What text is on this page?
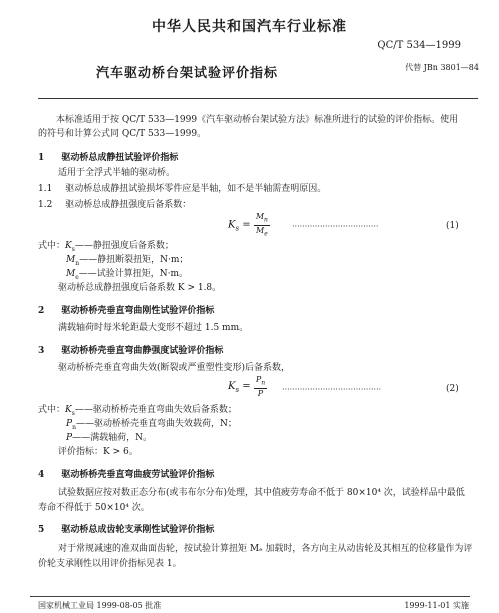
中华人民共和国汽车行业标准
QC/T 534—1999
汽车驱动桥台架试验评价指标	代替 JBn 3801—84
本标准适用于按 QC/T 533—1999《汽车驱动桥台架试验方法》标准所进行的试验的评价指标。使用
的符号和计算公式同 QC/T 533—1999。
1 驱动桥总成静扭试验评价指标
适用于全浮式半轴的驱动桥。
1.1 驱动桥总成静扭试验损坏零件应是半轴，如不是半轴需查明原因。
1.2 驱动桥总成静扭强度后备系数：
$K_s = \frac{M_n}{M_e}$	··································	(1)
式中：$K_s——$静扭强度后备系数；
$M_n——$静扭断裂扭矩，N·m；
$M_e——$试验计算扭矩，N·m。
驱动桥总成静扭强度后备系数 K > 1.8。
2 驱动桥桥壳垂直弯曲刚性试验评价指标
满载轴荷时每米轮距最大变形不超过 1.5 mm。
3 驱动桥桥壳垂直弯曲静强度试验评价指标
驱动桥桥壳垂直弯曲失效(断裂或严重塑性变形)后备系数，
$K_s = \frac{P_n}{P}$ ·······································	(2)
式中：$K_s——$驱动桥桥壳垂直弯曲失效后备系数；
$P_n——$驱动桥桥壳垂直弯曲失效载荷，N；
P——满载轴荷，N。
评价指标：K > 6。
4 驱动桥桥壳垂直弯曲疲劳试验评价指标
试验数据应按对数正态分布(或韦布尔分布)处理，其中值疲劳寿命不低于 80×10⁴ 次，试验样品中最低
寿命不得低于 50×10⁴ 次。
5 驱动桥总成齿轮支承刚性试验评价指标
对于常规减速的准双曲面齿轮，按试验计算扭矩 Mₑ 加载时，各方向主从动齿轮及其相互的位移量作为评
价轮支承刚性以用评价指标见表 1。
国家机械工业局 1999-08-05 批准	1999-11-01 实施
